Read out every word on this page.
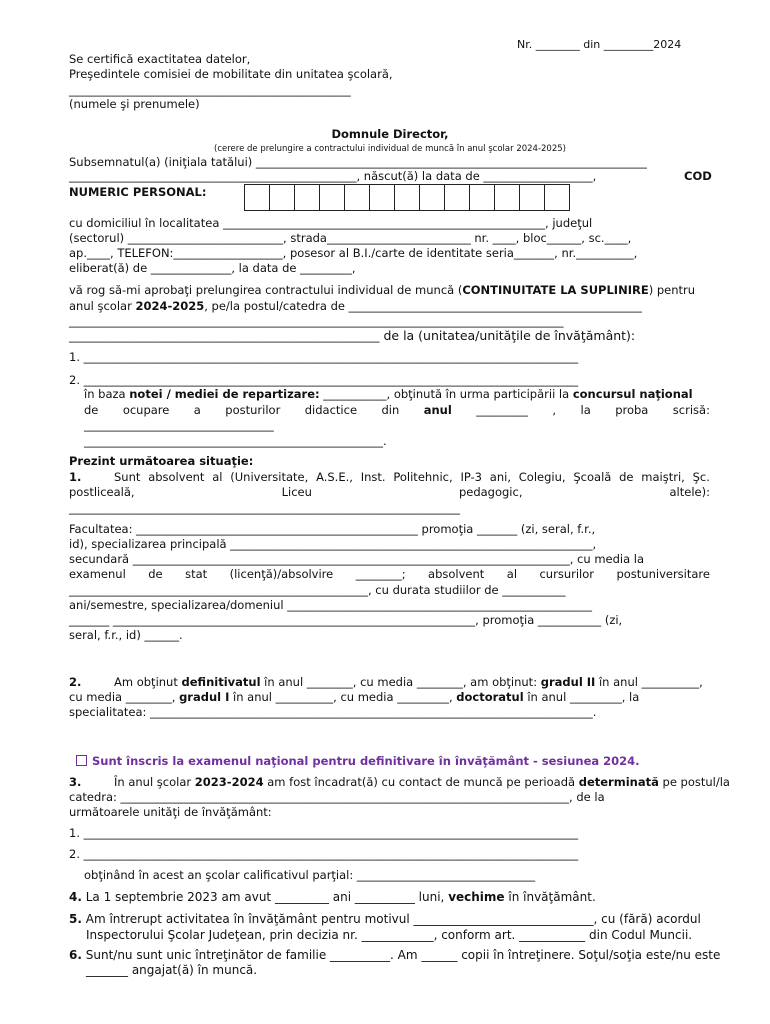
Nr. ________ din _________2024
Se certifică exactitatea datelor,
Preşedintele comisiei de mobilitate din unitatea şcolară,
_________________________________________________
(numele şi prenumele)
Domnule Director,
(cerere de prelungire a contractului individual de muncă în anul şcolar 2024-2025)
Subsemnatul(a) (iniţiala tatălui) ____________________________________________________________________
__________________________________________________, născut(ă) la data de ___________________,	COD
NUMERIC PERSONAL:
cu domiciliul în localitatea ________________________________________________________, judeţul
(sectorul) ___________________________, strada_________________________ nr. ____, bloc______, sc.____,
ap.____, TELEFON:___________________, posesor al B.I./carte de identitate seria_______, nr.__________,
eliberat(ă) de ______________, la data de _________,
vă rog să-mi aprobaţi prelungirea contractului individual de muncă (CONTINUITATE LA SUPLINIRE) pentru
anul şcolar 2024-2025, pe/la postul/catedra de ___________________________________________________
______________________________________________________________________________________
______________________________________________________ de la (unitatea/unităţile de învăţământ):
1. ______________________________________________________________________________________
2. ______________________________________________________________________________________
în baza notei / mediei de repartizare: ___________, obţinută în urma participării la concursul naţional
de ocupare a posturilor didactice din anul _________ , la proba scrisă:
_________________________________
____________________________________________________.
Prezint următoarea situaţie:
1.	Sunt absolvent al (Universitate, A.S.E., Inst. Politehnic, IP-3 ani, Colegiu, Şcoală de maiştri, Şc.
postliceală,	Liceu	pedagogic,	altele):
____________________________________________________________________
Facultatea: _________________________________________________ promoţia _______ (zi, seral, f.r.,
id), specializarea principală _______________________________________________________________,
secundară ____________________________________________________________________________, cu media la
examenul de stat (licenţă)/absolvire ________; absolvent al cursurilor postuniversitare
____________________________________________________, cu durata studiilor de ___________
ani/semestre, specializarea/domeniul _____________________________________________________
_______ _______________________________________________________________, promoţia ___________ (zi,
seral, f.r., id) ______.
2.	Am obţinut definitivatul în anul ________, cu media ________, am obţinut: gradul II în anul __________,
cu media ________, gradul I în anul __________, cu media _________, doctoratul în anul _________, la
specialitatea: _____________________________________________________________________________.
Sunt înscris la examenul naţional pentru definitivare în învăţământ - sesiunea 2024.
3.	În anul şcolar 2023-2024 am fost încadrat(ă) cu contact de muncă pe perioadă determinată pe postul/la
catedra: ______________________________________________________________________________, de la
următoarele unităţi de învăţământ:
1. ______________________________________________________________________________________
2. ______________________________________________________________________________________
obţinând în acest an şcolar calificativul parţial: _______________________________
4. La 1 septembrie 2023 am avut _________ ani __________ luni, vechime în învăţământ.
5. Am întrerupt activitatea în învăţământ pentru motivul ______________________________, cu (fără) acordul
Inspectorului Şcolar Judeţean, prin decizia nr. ____________, conform art. ___________ din Codul Muncii.
6. Sunt/nu sunt unic întreţinător de familie __________. Am ______ copii în întreţinere. Soţul/soţia este/nu este
_______ angajat(ă) în muncă.
